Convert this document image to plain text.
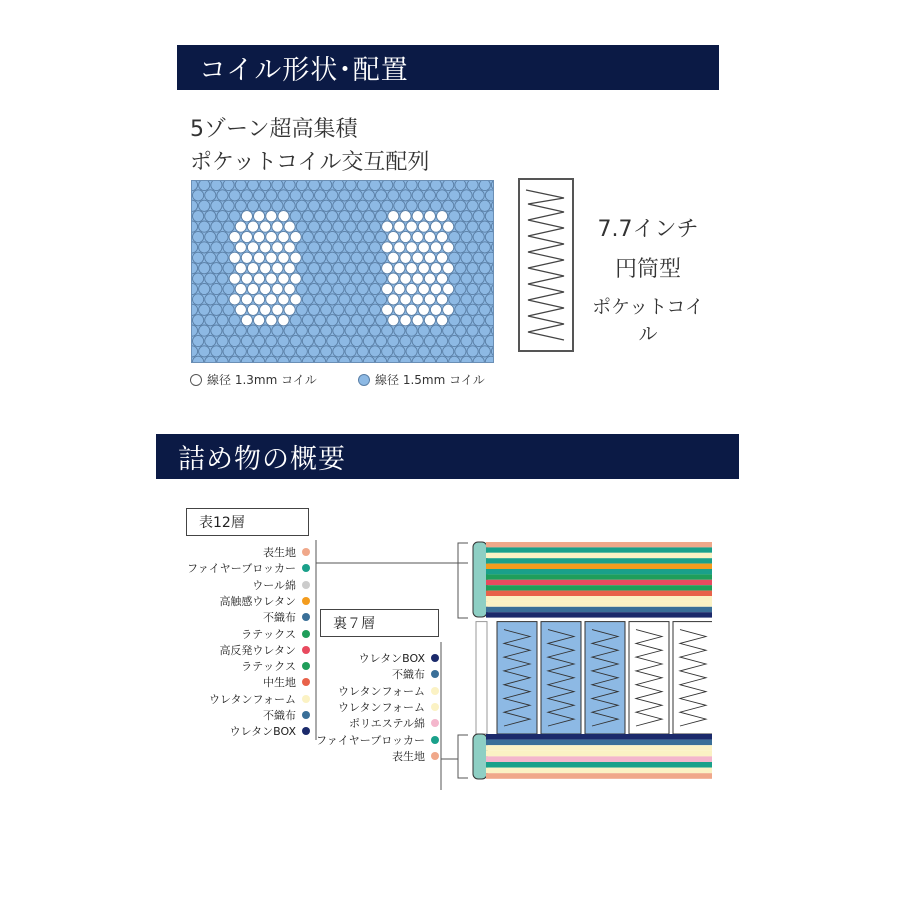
コイル形状･配置
5ゾーン超高集積
ポケットコイル交互配列
線径 1.3mm コイル	線径 1.5mm コイル
7.7インチ
円筒型
ポケットコイル
詰め物の概要
表12層
表生地
ファイヤーブロッカー
ウール綿
高触感ウレタン
不織布
ラテックス
高反発ウレタン
ラテックス
中生地
ウレタンフォーム
不織布
ウレタンBOX
裏７層
ウレタンBOX
不織布
ウレタンフォーム
ウレタンフォーム
ポリエステル綿
ファイヤーブロッカー
表生地
